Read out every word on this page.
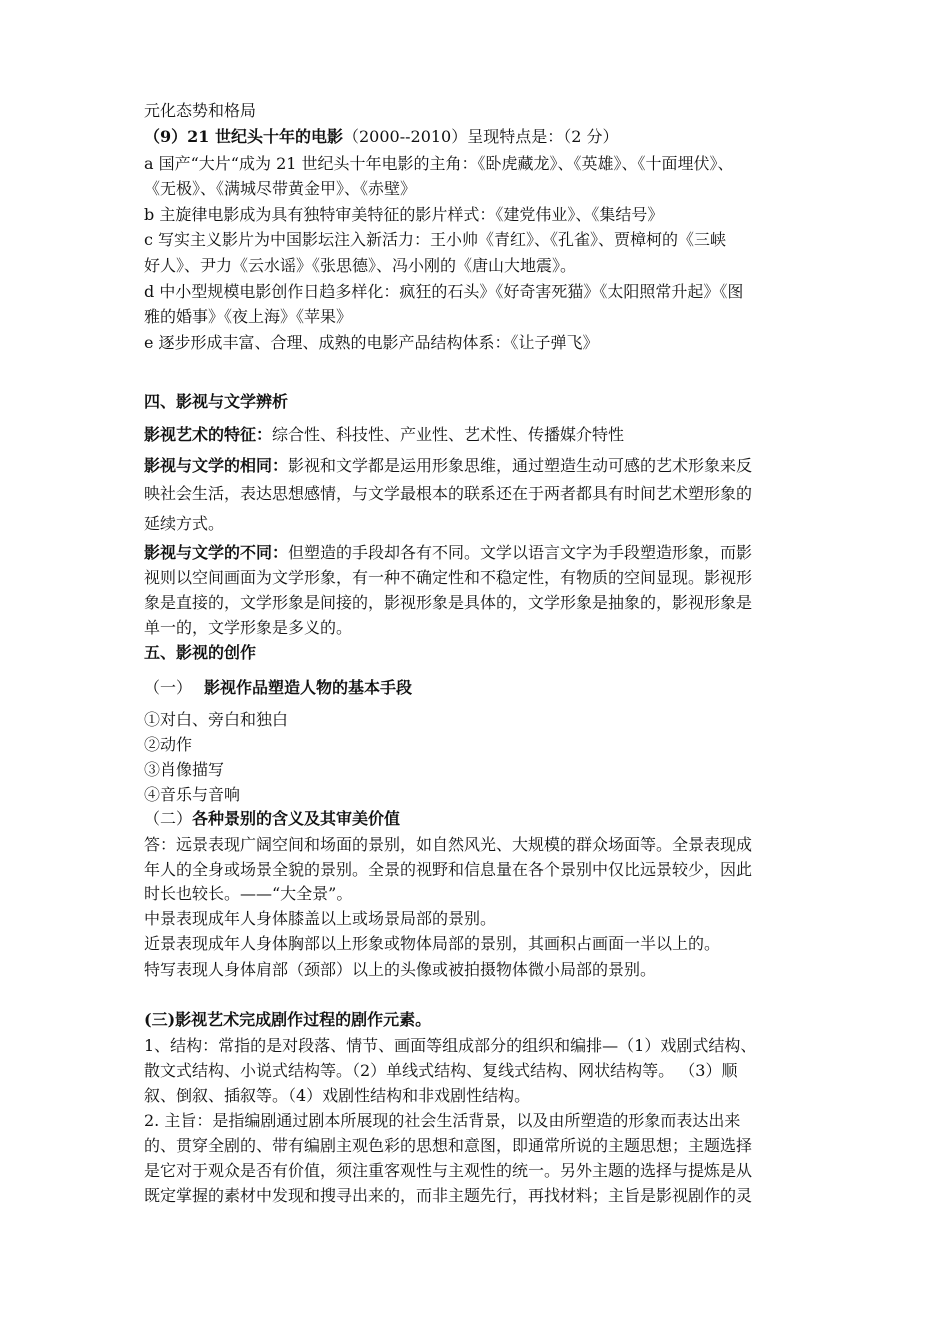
元化态势和格局
（9）21 世纪头十年的电影（2000--2010）呈现特点是：（2 分）
a 国产“大片“成为 21 世纪头十年电影的主角：《卧虎藏龙》、《英雄》、《十面埋伏》、
《无极》、《满城尽带黄金甲》、《赤壁》
b 主旋律电影成为具有独特审美特征的影片样式：《建党伟业》、《集结号》
c 写实主义影片为中国影坛注入新活力：王小帅《青红》、《孔雀》、贾樟柯的《三峡
好人》、尹力《云水谣》《张思德》、冯小刚的《唐山大地震》。
d 中小型规模电影创作日趋多样化：疯狂的石头》《好奇害死猫》《太阳照常升起》《图
雅的婚事》《夜上海》《苹果》
e 逐步形成丰富、合理、成熟的电影产品结构体系：《让子弹飞》
四、影视与文学辨析
影视艺术的特征：综合性、科技性、产业性、艺术性、传播媒介特性
影视与文学的相同：影视和文学都是运用形象思维，通过塑造生动可感的艺术形象来反
映社会生活，表达思想感情，与文学最根本的联系还在于两者都具有时间艺术塑形象的
延续方式。
影视与文学的不同：但塑造的手段却各有不同。文学以语言文字为手段塑造形象，而影
视则以空间画面为文学形象，有一种不确定性和不稳定性，有物质的空间显现。影视形
象是直接的，文学形象是间接的，影视形象是具体的，文学形象是抽象的，影视形象是
单一的，文学形象是多义的。
五、影视的创作
（一） 影视作品塑造人物的基本手段
①对白、旁白和独白
②动作
③肖像描写
④音乐与音响
（二）各种景别的含义及其审美价值
答：远景表现广阔空间和场面的景别，如自然风光、大规模的群众场面等。全景表现成
年人的全身或场景全貌的景别。全景的视野和信息量在各个景别中仅比远景较少，因此
时长也较长。——“大全景”。
中景表现成年人身体膝盖以上或场景局部的景别。
近景表现成年人身体胸部以上形象或物体局部的景别，其画积占画面一半以上的。
特写表现人身体肩部（颈部）以上的头像或被拍摄物体微小局部的景别。
(三)影视艺术完成剧作过程的剧作元素。
1、结构：常指的是对段落、情节、画面等组成部分的组织和编排—（1）戏剧式结构、
散文式结构、小说式结构等。（2）单线式结构、复线式结构、网状结构等。 （3）顺
叙、倒叙、插叙等。（4）戏剧性结构和非戏剧性结构。
2. 主旨：是指编剧通过剧本所展现的社会生活背景，以及由所塑造的形象而表达出来
的、贯穿全剧的、带有编剧主观色彩的思想和意图，即通常所说的主题思想；主题选择
是它对于观众是否有价值，须注重客观性与主观性的统一。另外主题的选择与提炼是从
既定掌握的素材中发现和搜寻出来的，而非主题先行，再找材料；主旨是影视剧作的灵
